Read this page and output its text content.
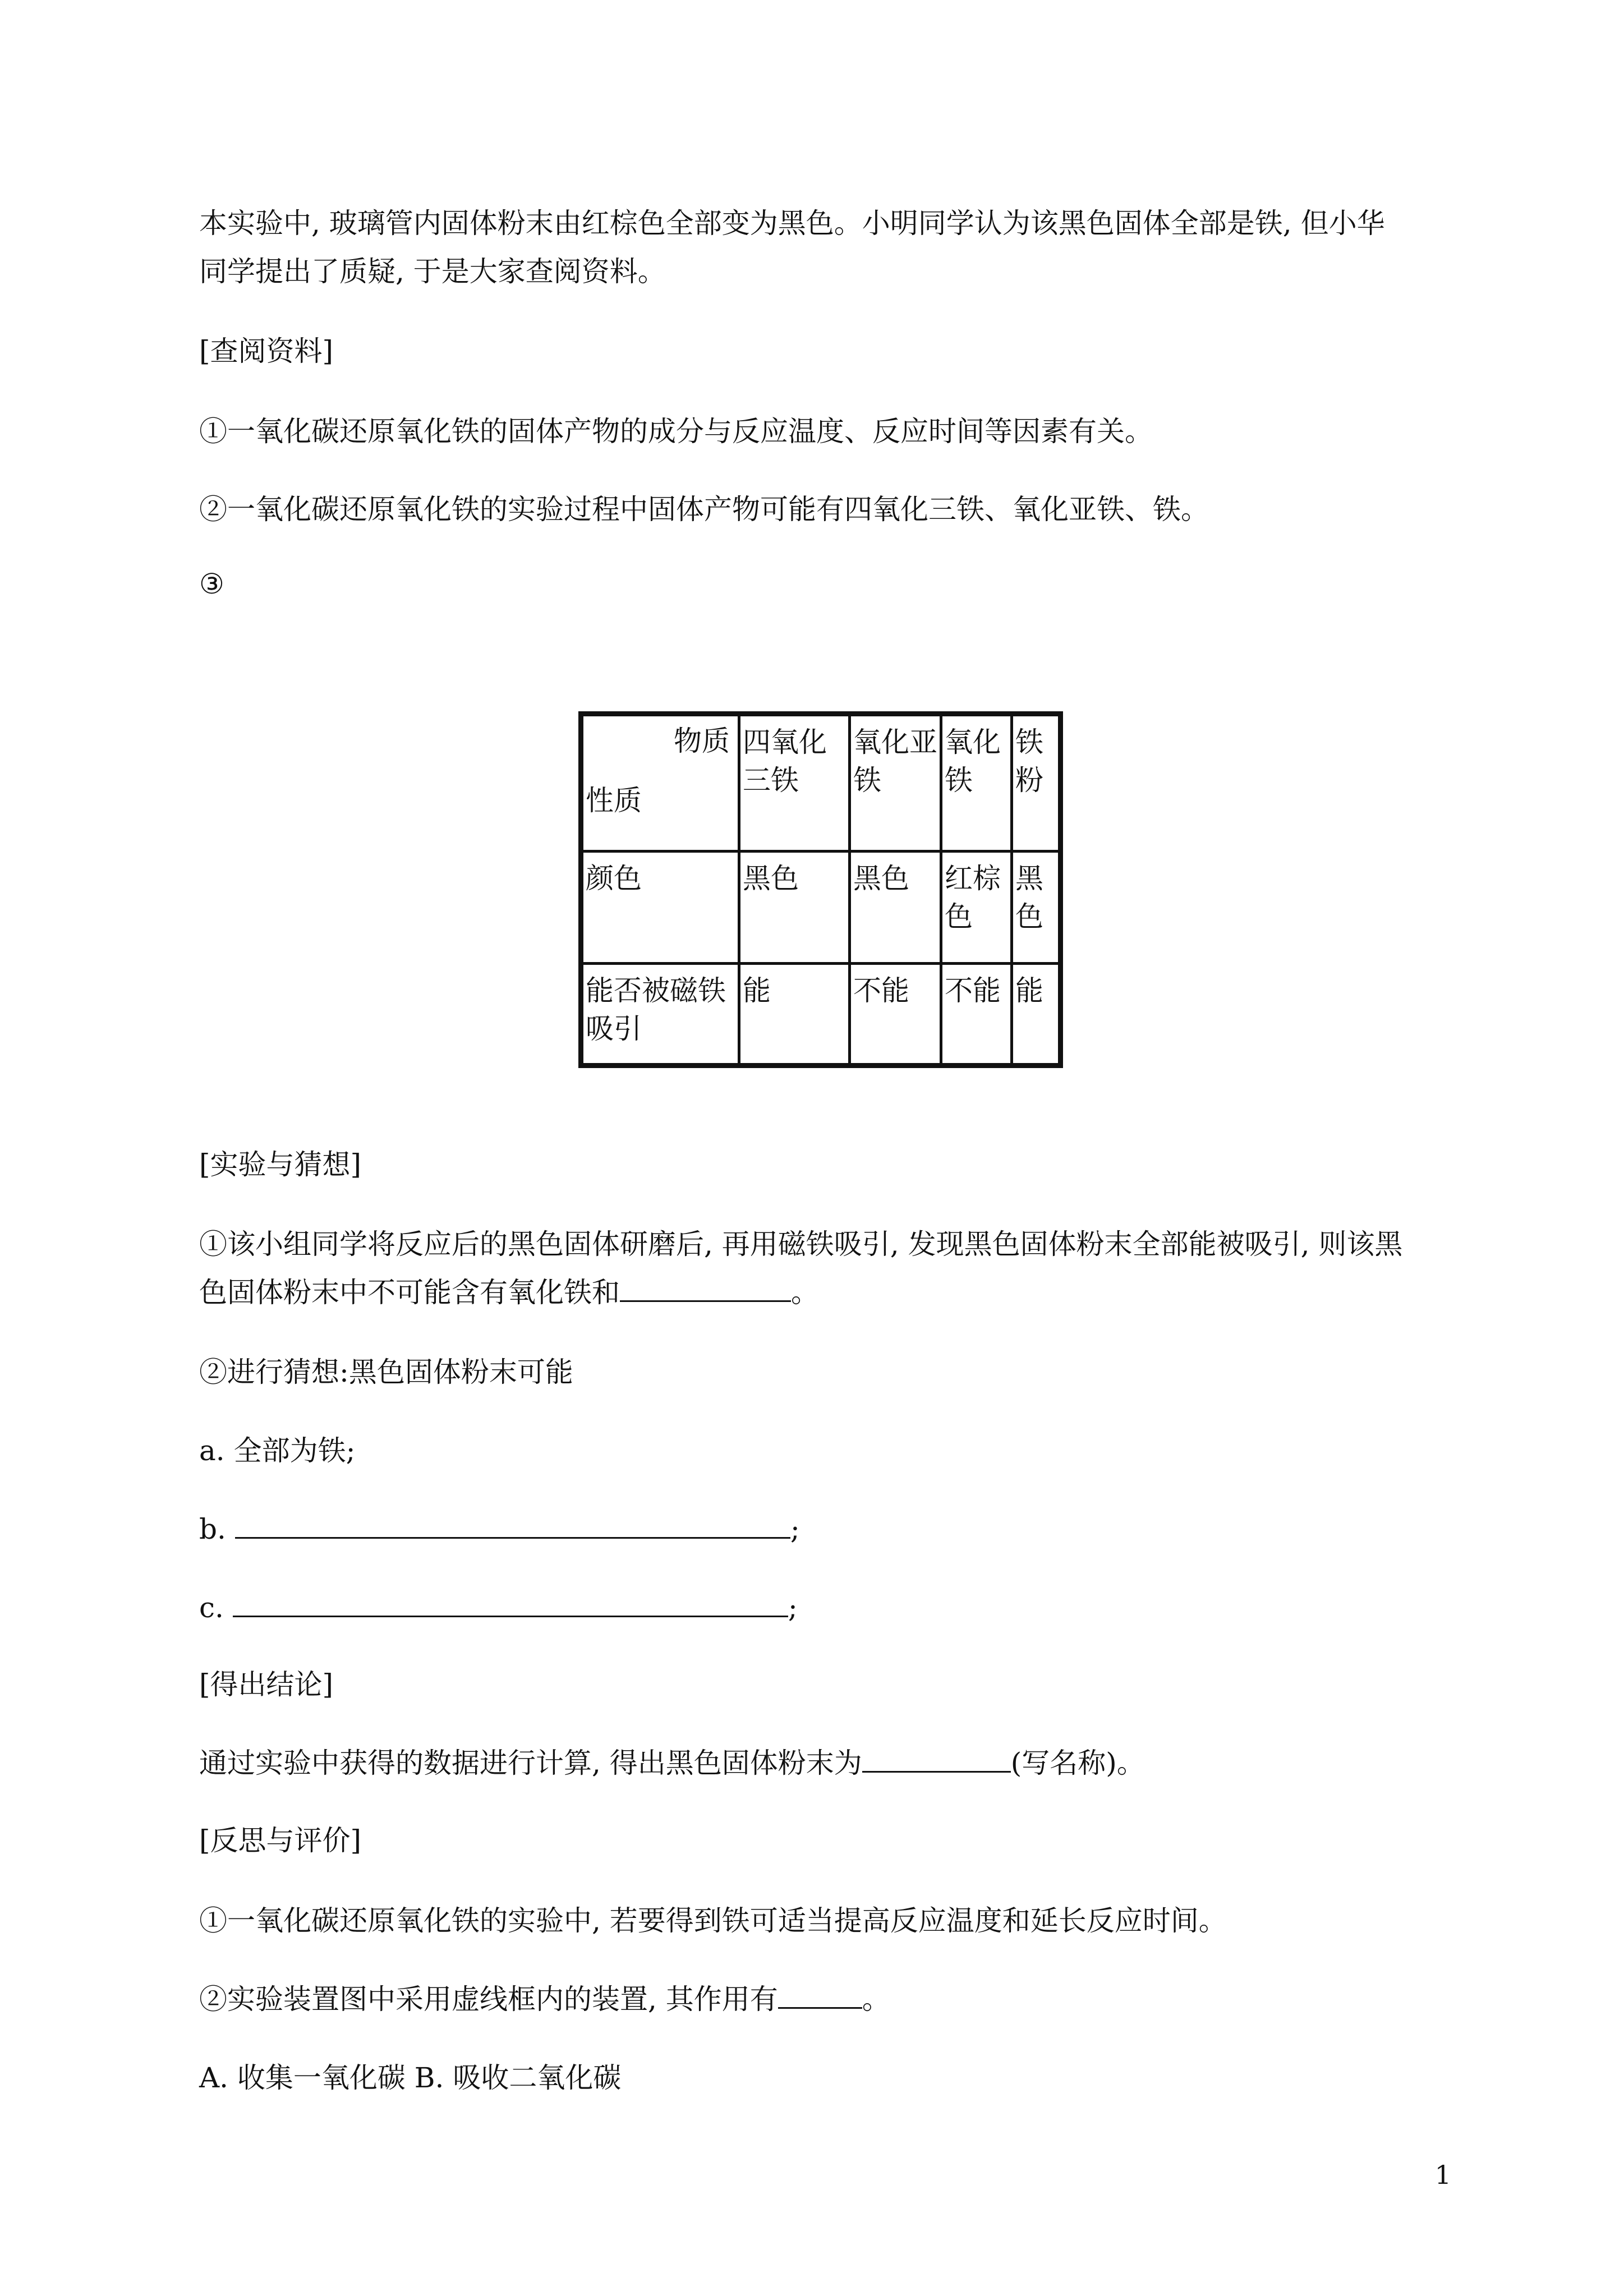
本实验中, 玻璃管内固体粉末由红棕色全部变为黑色。小明同学认为该黑色固体全部是铁, 但小华

同学提出了质疑, 于是大家查阅资料。

[查阅资料]

①一氧化碳还原氧化铁的固体产物的成分与反应温度、反应时间等因素有关。

②一氧化碳还原氧化铁的实验过程中固体产物可能有四氧化三铁、氧化亚铁、铁。

③

物质
性质	四氧化三铁	氧化亚铁	氧化铁	铁粉
颜色	黑色	黑色	红棕色	黑色
能否被磁铁吸引	能	不能	不能	能

[实验与猜想]

①该小组同学将反应后的黑色固体研磨后, 再用磁铁吸引, 发现黑色固体粉末全部能被吸引, 则该黑

色固体粉末中不可能含有氧化铁和	。

②进行猜想:黑色固体粉末可能

a. 全部为铁;

b.	;

c.	;

[得出结论]

通过实验中获得的数据进行计算, 得出黑色固体粉末为	(写名称)。

[反思与评价]

①一氧化碳还原氧化铁的实验中, 若要得到铁可适当提高反应温度和延长反应时间。

②实验装置图中采用虚线框内的装置, 其作用有	。

A. 收集一氧化碳 B. 吸收二氧化碳

1
